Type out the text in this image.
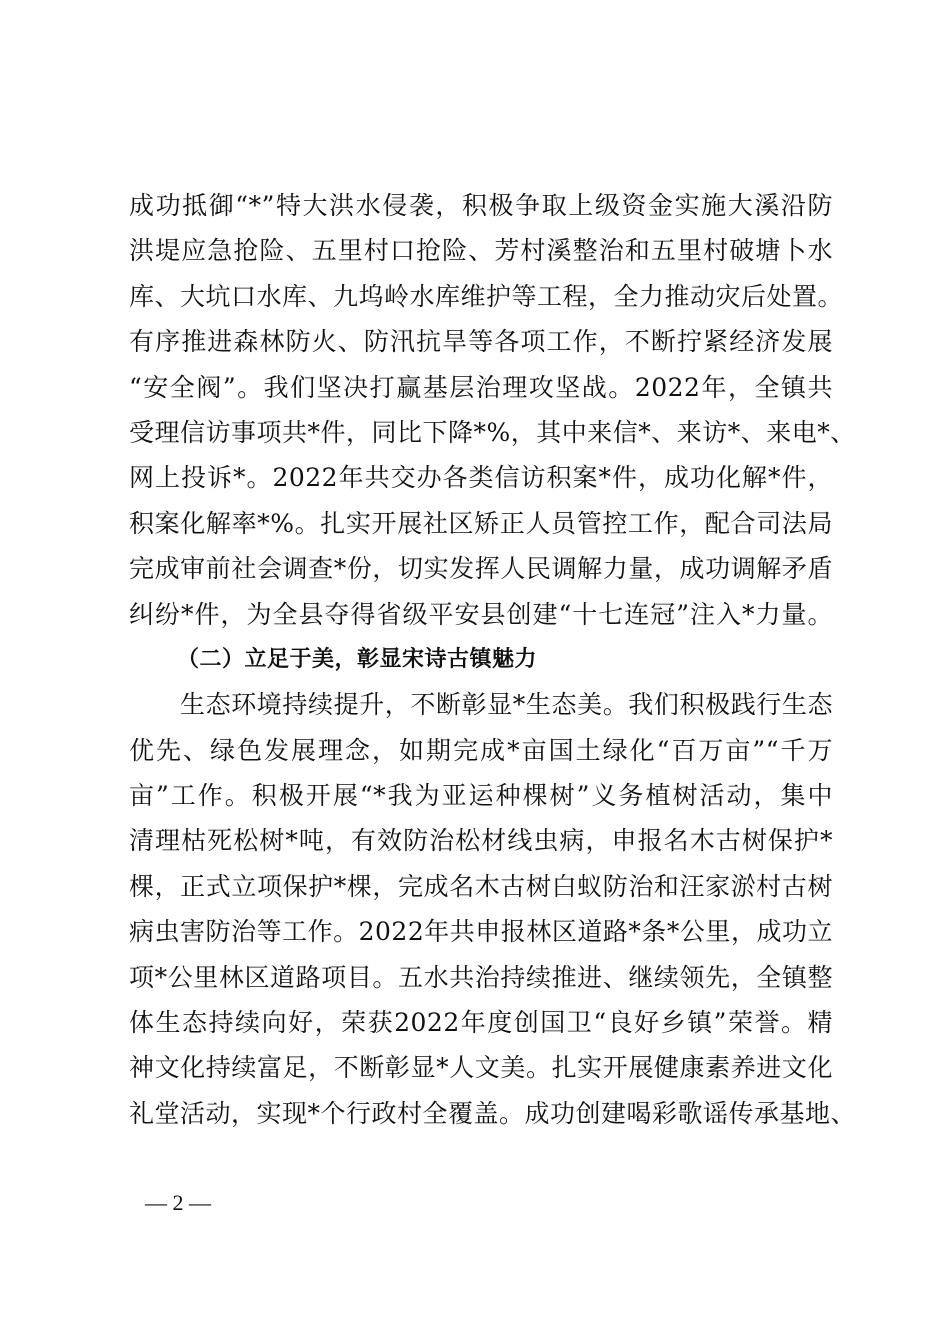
成功抵御“*”特大洪水侵袭，积极争取上级资金实施大溪沿防
洪堤应急抢险、五里村口抢险、芳村溪整治和五里村破塘卜水
库、大坑口水库、九坞岭水库维护等工程，全力推动灾后处置。
有序推进森林防火、防汛抗旱等各项工作，不断拧紧经济发展
“安全阀”。我们坚决打赢基层治理攻坚战。2022年，全镇共
受理信访事项共*件，同比下降*%，其中来信*、来访*、来电*、
网上投诉*。2022年共交办各类信访积案*件，成功化解*件，
积案化解率*%。扎实开展社区矫正人员管控工作，配合司法局
完成审前社会调查*份，切实发挥人民调解力量，成功调解矛盾
纠纷*件，为全县夺得省级平安县创建“十七连冠”注入*力量。
（二）立足于美，彰显宋诗古镇魅力
生态环境持续提升，不断彰显*生态美。我们积极践行生态
优先、绿色发展理念，如期完成*亩国土绿化“百万亩”“千万
亩”工作。积极开展“*我为亚运种棵树”义务植树活动，集中
清理枯死松树*吨，有效防治松材线虫病，申报名木古树保护*
棵，正式立项保护*棵，完成名木古树白蚁防治和汪家淤村古树
病虫害防治等工作。2022年共申报林区道路*条*公里，成功立
项*公里林区道路项目。五水共治持续推进、继续领先，全镇整
体生态持续向好，荣获2022年度创国卫“良好乡镇”荣誉。精
神文化持续富足，不断彰显*人文美。扎实开展健康素养进文化
礼堂活动，实现*个行政村全覆盖。成功创建喝彩歌谣传承基地、
— 2 —
